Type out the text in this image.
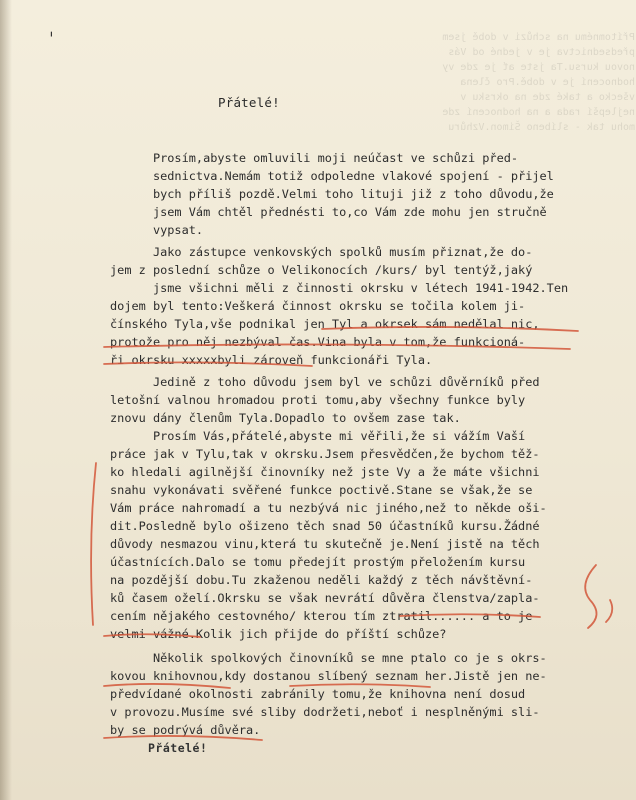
Přítomnému na schůzi v době jsem
předsednictva je v jedné od Vás
novou kursu.Ta jste ať je zde vy
hodnocení je v době.Pro člena
všecko a také zde na okrsku v
nejlepší rada a na hodnocení zde
mohu tak - slíbeno Šimon.Vzhůru
ˌ
Přátelé!
Prosím,abyste omluvili moji neúčast ve schůzi před-
sednictva.Nemám totiž odpoledne vlakové spojení - přijel
bych příliš pozdě.Velmi toho lituji již z toho důvodu,že
jsem Vám chtěl přednésti to,co Vám zde mohu jen stručně
vypsat.
Jako zástupce venkovských spolků musím přiznat,že do-
jem z poslední schůze o Velikonocích /kurs/ byl tentýž,jaký
jsme všichni měli z činnosti okrsku v létech 1941-1942.Ten
dojem byl tento:Veškerá činnost okrsku se točila kolem ji-
čínského Tyla,vše podnikal jen Tyl a okrsek sám nedělal nic,
protože pro něj nezbýval čas.Vina byla v tom,že funkcioná-
ři okrsku xxxxxbyli zároveň funkcionáři Tyla.
Jedině z toho důvodu jsem byl ve schůzi důvěrníků před
letošní valnou hromadou proti tomu,aby všechny funkce byly
znovu dány členům Tyla.Dopadlo to ovšem zase tak.
Prosím Vás,přátelé,abyste mi věřili,že si vážím Vaší
práce jak v Tylu,tak v okrsku.Jsem přesvědčen,že bychom těž-
ko hledali agilnější činovníky než jste Vy a že máte všichni
snahu vykonávati svěřené funkce poctivě.Stane se však,že se
Vám práce nahromadí a tu nezbývá nic jiného,než to někde oši-
dit.Posledně bylo ošizeno těch snad 50 účastníků kursu.Žádné
důvody nesmazou vinu,která tu skutečně je.Není jistě na těch
účastnících.Dalo se tomu předejít prostým přeložením kursu
na pozdější dobu.Tu zkaženou neděli každý z těch návštěvní-
ků časem oželí.Okrsku se však nevrátí důvěra členstva/zapla-
cením nějakého cestovného/ kterou tím ztratil...... a to je
velmi vážné.Kolik jich přijde do příští schůze?
Několik spolkových činovníků se mne ptalo co je s okrs-
kovou knihovnou,kdy dostanou slíbený seznam her.Jistě jen ne-
předvídané okolnosti zabránily tomu,že knihovna není dosud
v provozu.Musíme své sliby dodržeti,neboť i nesplněnými sli-
by se podrývá důvěra.
Přátelé!
